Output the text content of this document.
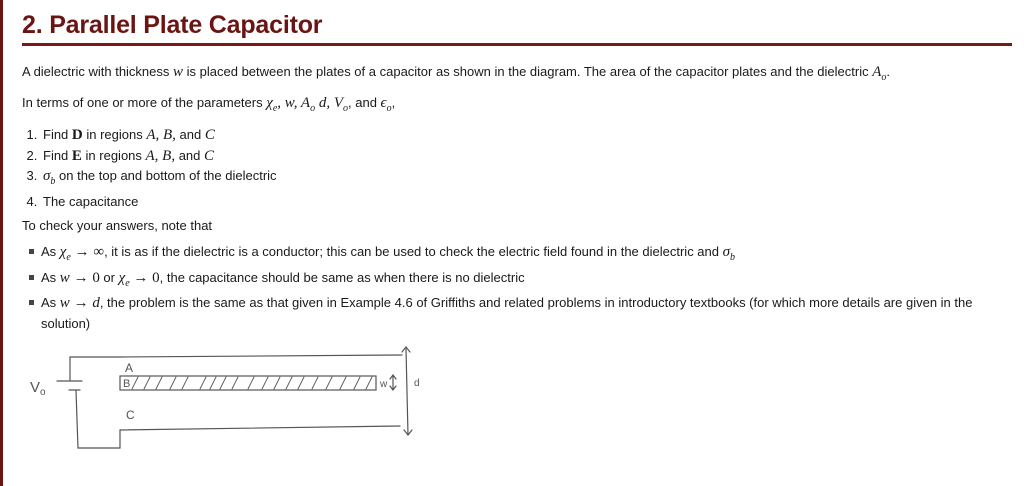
2. Parallel Plate Capacitor

A dielectric with thickness w is placed between the plates of a capacitor as shown in the diagram. The area of the capacitor plates and the dielectric $A_o$.

In terms of one or more of the parameters $\chi_e$, w, $A_o$ d, $V_o$, and $\epsilon_o$,

1. Find D in regions A, B, and C
2. Find E in regions A, B, and C
3. $\sigma_b$ on the top and bottom of the dielectric
4. The capacitance

To check your answers, note that

As $\chi_e$ → ∞, it is as if the dielectric is a conductor; this can be used to check the electric field found in the dielectric and $\sigma_b$
As w → 0 or $\chi_e \to 0$, the capacitance should be same as when there is no dielectric
As w → d, the problem is the same as that given in Example 4.6 of Griffiths and related problems in introductory textbooks (for which more details are given in the solution)
$V_o$
A
B
C
w	d
